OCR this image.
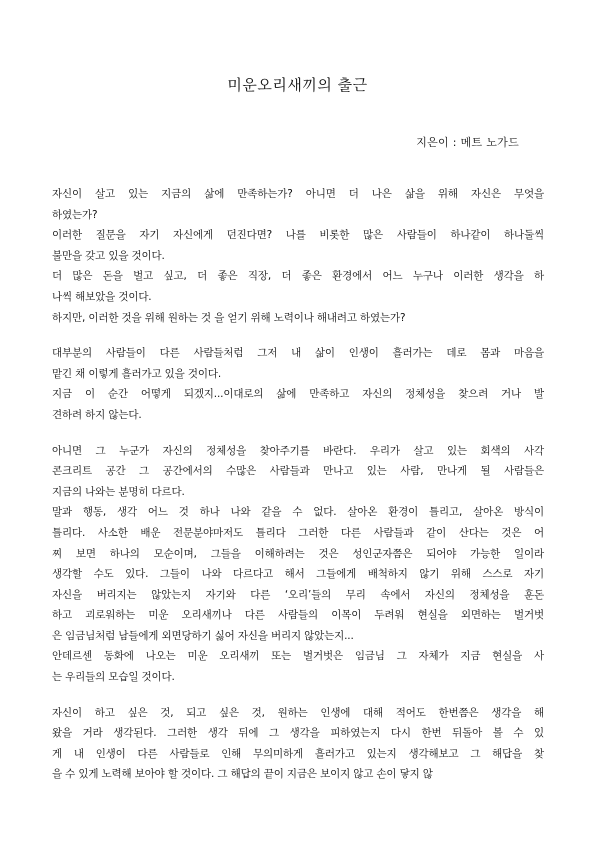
미운오리새끼의 출근
지은이 : 메트 노가드
자신이 살고 있는 지금의 삶에 만족하는가? 아니면 더 나은 삶을 위해 자신은 무엇을
하였는가?
이러한 질문을 자기 자신에게 던진다면? 나를 비롯한 많은 사람들이 하나같이 하나둘씩
불만을 갖고 있을 것이다.
더 많은 돈을 벌고 싶고, 더 좋은 직장, 더 좋은 환경에서 어느 누구나 이러한 생각을 하
나씩 해보았을 것이다.
하지만, 이러한 것을 위해 원하는 것 을 얻기 위해 노력이나 해내려고 하였는가?
대부분의 사람들이 다른 사람들처럼 그저 내 삶이 인생이 흘러가는 데로 몸과 마음을
맡긴 채 이렇게 흘러가고 있을 것이다.
지금 이 순간 어떻게 되겠지...이대로의 삶에 만족하고 자신의 정체성을 찾으려 거나 발
견하려 하지 않는다.
아니면 그 누군가 자신의 정체성을 찾아주기를 바란다. 우리가 살고 있는 회색의 사각
콘크리트 공간 그 공간에서의 수많은 사람들과 만나고 있는 사람, 만나게 될 사람들은
지금의 나와는 분명히 다르다.
말과 행동, 생각 어느 것 하나 나와 같을 수 없다. 살아온 환경이 틀리고, 살아온 방식이
틀리다. 사소한 배운 전문분야마저도 틀리다 그러한 다른 사람들과 같이 산다는 것은 어
찌 보면 하나의 모순이며, 그들을 이해하려는 것은 성인군자쯤은 되어야 가능한 일이라
생각할 수도 있다. 그들이 나와 다르다고 해서 그들에게 배척하지 않기 위해 스스로 자기
자신을 버리지는 않았는지 자기와 다른 ‘오리’들의 무리 속에서 자신의 정체성을 훈돈
하고 괴로워하는 미운 오리새끼나 다른 사람들의 이목이 두려워 현실을 외면하는 벌거벗
은 임금님처럼 남들에게 외면당하기 싫어 자신을 버리지 않았는지...
안데르센 동화에 나오는 미운 오리새끼 또는 벌거벗은 임금님 그 자체가 지금 현실을 사
는 우리들의 모습일 것이다.
자신이 하고 싶은 것, 되고 싶은 것, 원하는 인생에 대해 적어도 한번쯤은 생각을 해
왔을 거라 생각된다. 그러한 생각 뒤에 그 생각을 피하였는지 다시 한번 뒤돌아 볼 수 있
게 내 인생이 다른 사람들로 인해 무의미하게 흘러가고 있는지 생각해보고 그 해답을 찾
을 수 있게 노력해 보아야 할 것이다. 그 해답의 끝이 지금은 보이지 않고 손이 닿지 않
